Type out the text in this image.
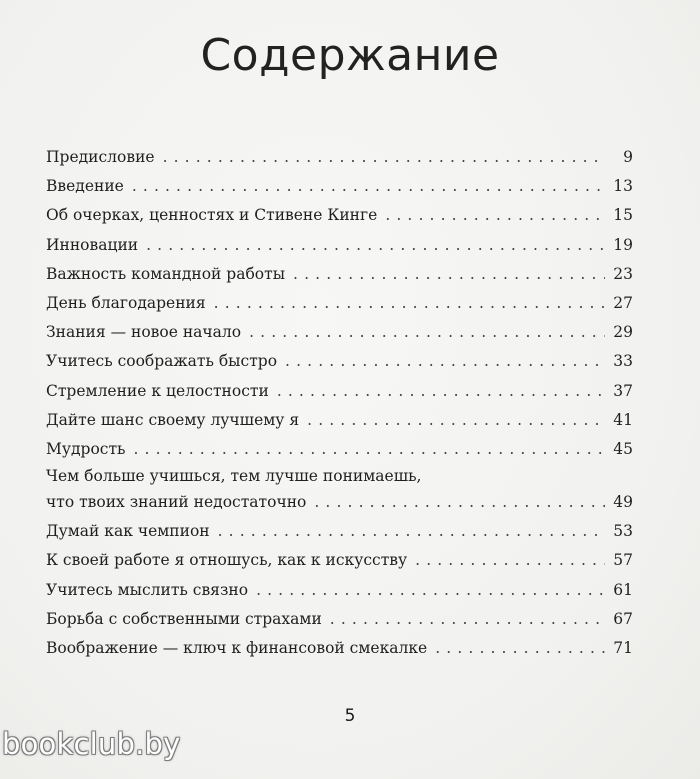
Содержание
Предисловие . . .	9
Введение . . .	13
Об очерках, ценностях и Стивене Кинге . . .	15
Инновации . . .	19
Важность командной работы . . .	23
День благодарения . . .	27
Знания — новое начало . . .	29
Учитесь соображать быстро . . .	33
Стремление к целостности . . .	37
Дайте шанс своему лучшему я . . .	41
Мудрость . . .	45
Чем больше учишься, тем лучше понимаешь,
что твоих знаний недостаточно . . .	49
Думай как чемпион . . .	53
К своей работе я отношусь, как к искусству . . .	57
Учитесь мыслить связно . . .	61
Борьба с собственными страхами . . .	67
Воображение — ключ к финансовой смекалке . . .	71
5
bookclub.by
